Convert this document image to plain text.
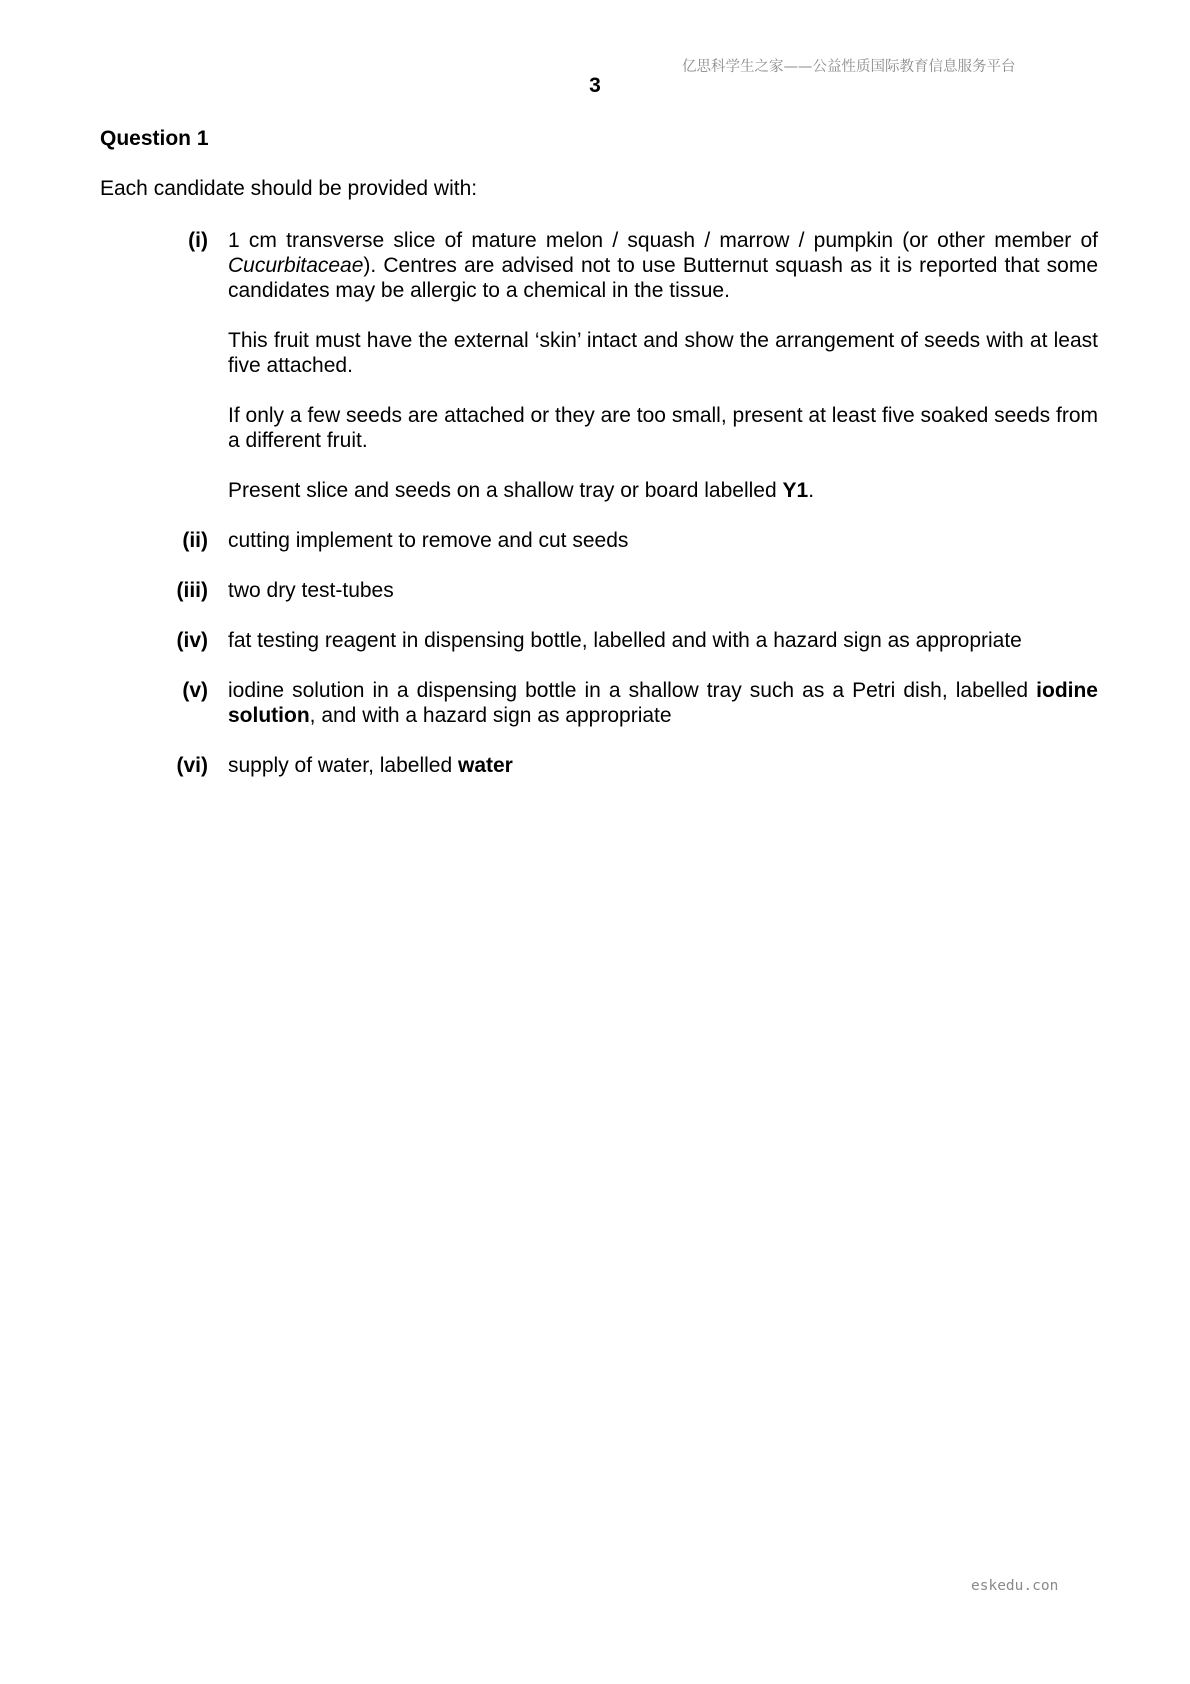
亿思科学生之家——公益性质国际教育信息服务平台
3
Question 1
Each candidate should be provided with:
(i) 1 cm transverse slice of mature melon / squash / marrow / pumpkin (or other member of Cucurbitaceae). Centres are advised not to use Butternut squash as it is reported that some candidates may be allergic to a chemical in the tissue.

This fruit must have the external ‘skin’ intact and show the arrangement of seeds with at least five attached.

If only a few seeds are attached or they are too small, present at least five soaked seeds from a different fruit.

Present slice and seeds on a shallow tray or board labelled Y1.

(ii) cutting implement to remove and cut seeds

(iii) two dry test-tubes

(iv) fat testing reagent in dispensing bottle, labelled and with a hazard sign as appropriate

(v) iodine solution in a dispensing bottle in a shallow tray such as a Petri dish, labelled iodine solution, and with a hazard sign as appropriate

(vi) supply of water, labelled water

eskedu.con
